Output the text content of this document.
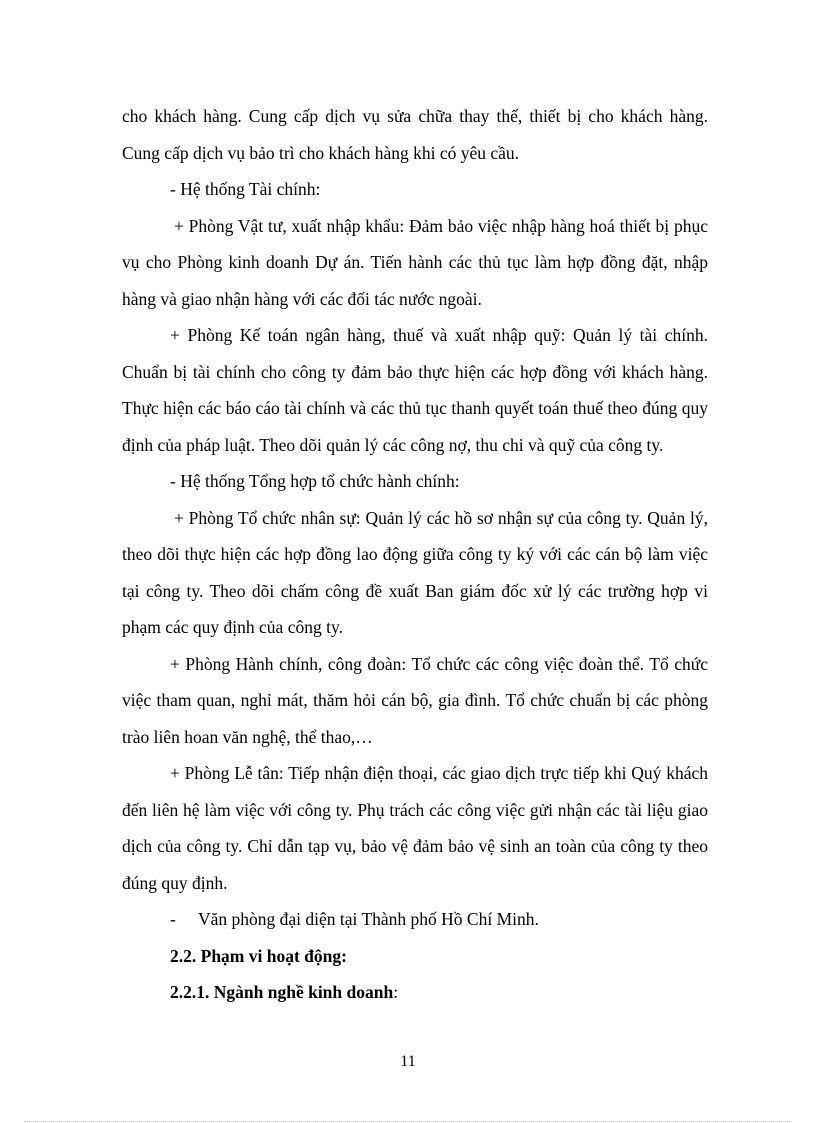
cho khách hàng. Cung cấp dịch vụ sửa chữa thay thế, thiết bị cho khách hàng. Cung cấp dịch vụ bảo trì cho khách hàng khi có yêu cầu.

- Hệ thống Tài chính:

+ Phòng Vật tư, xuất nhập khẩu: Đảm bảo việc nhập hàng hoá thiết bị phục vụ cho Phòng kinh doanh Dự án. Tiến hành các thủ tục làm hợp đồng đặt, nhập hàng và giao nhận hàng với các đối tác nước ngoài.

+ Phòng Kế toán ngân hàng, thuế và xuất nhập quỹ: Quản lý tài chính. Chuẩn bị tài chính cho công ty đảm bảo thực hiện các hợp đồng với khách hàng. Thực hiện các báo cáo tài chính và các thủ tục thanh quyết toán thuế theo đúng quy định của pháp luật. Theo dõi quản lý các công nợ, thu chi và quỹ của công ty.

- Hệ thống Tổng hợp tổ chức hành chính:

+ Phòng Tổ chức nhân sự: Quản lý các hồ sơ nhận sự của công ty. Quản lý, theo dõi thực hiện các hợp đồng lao động giữa công ty ký với các cán bộ làm việc tại công ty. Theo dõi chấm công đề xuất Ban giám đốc xử lý các trường hợp vi phạm các quy định của công ty.

+ Phòng Hành chính, công đoàn: Tổ chức các công việc đoàn thể. Tổ chức việc tham quan, nghỉ mát, thăm hỏi cán bộ, gia đình. Tổ chức chuẩn bị các phòng trào liên hoan văn nghệ, thể thao,…

+ Phòng Lễ tân: Tiếp nhận điện thoại, các giao dịch trực tiếp khi Quý khách đến liên hệ làm việc với công ty. Phụ trách các công việc gửi nhận các tài liệu giao dịch của công ty. Chỉ dẫn tạp vụ, bảo vệ đảm bảo vệ sinh an toàn của công ty theo đúng quy định.

- Văn phòng đại diện tại Thành phố Hồ Chí Minh.

2.2. Phạm vi hoạt động:

2.2.1. Ngành nghề kinh doanh:

11
